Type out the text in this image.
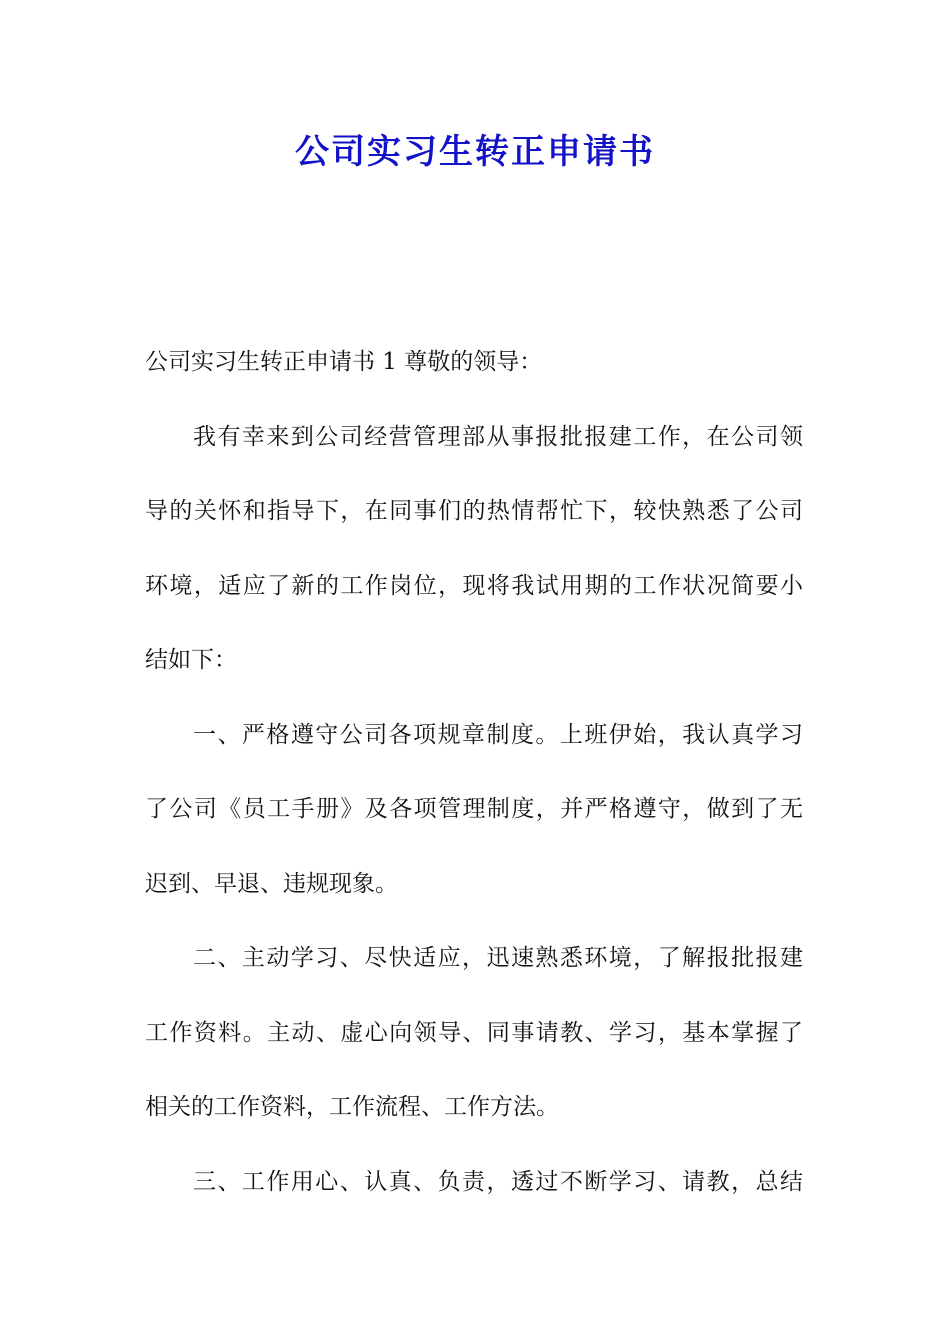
公司实习生转正申请书
公司实习生转正申请书 1 尊敬的领导：
我有幸来到公司经营管理部从事报批报建工作，在公司领
导的关怀和指导下，在同事们的热情帮忙下，较快熟悉了公司
环境，适应了新的工作岗位，现将我试用期的工作状况简要小
结如下：
一、严格遵守公司各项规章制度。上班伊始，我认真学习
了公司《员工手册》及各项管理制度，并严格遵守，做到了无
迟到、早退、违规现象。
二、主动学习、尽快适应，迅速熟悉环境，了解报批报建
工作资料。主动、虚心向领导、同事请教、学习，基本掌握了
相关的工作资料，工作流程、工作方法。
三、工作用心、认真、负责，透过不断学习、请教，总结
